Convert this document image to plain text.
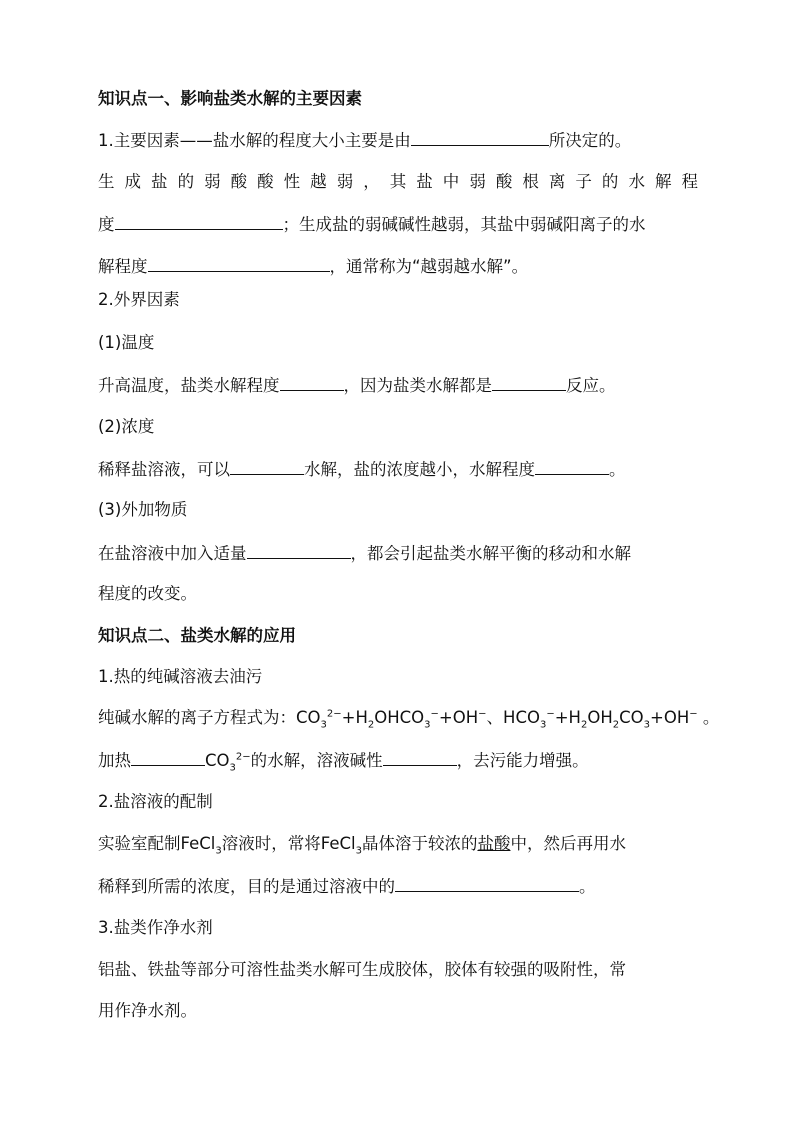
知识点一、影响盐类水解的主要因素
1.主要因素——盐水解的程度大小主要是由	所决定的。
生成盐的弱酸酸性越弱，其盐中弱酸根离子的水解程
度	；生成盐的弱碱碱性越弱，其盐中弱碱阳离子的水
解程度	，通常称为“越弱越水解”。
2.外界因素
(1)温度
升高温度，盐类水解程度	，因为盐类水解都是	反应。
(2)浓度
稀释盐溶液，可以	水解，盐的浓度越小，水解程度	。
(3)外加物质
在盐溶液中加入适量	，都会引起盐类水解平衡的移动和水解
程度的改变。
知识点二、盐类水解的应用
1.热的纯碱溶液去油污
纯碱水解的离子方程式为：$CO_3^{2-}+H_2OHCO_3^-+OH^-$、$HCO_3^-+H_2OH_2CO_3+OH^-$ 。
加热	$CO_3^{2-}$的水解，溶液碱性	，去污能力增强。
2.盐溶液的配制
实验室配制FeCl$_3$溶液时，常将FeCl$_3$晶体溶于较浓的盐酸中，然后再用水
稀释到所需的浓度，目的是通过溶液中的	。
3.盐类作净水剂
铝盐、铁盐等部分可溶性盐类水解可生成胶体，胶体有较强的吸附性，常
用作净水剂。
